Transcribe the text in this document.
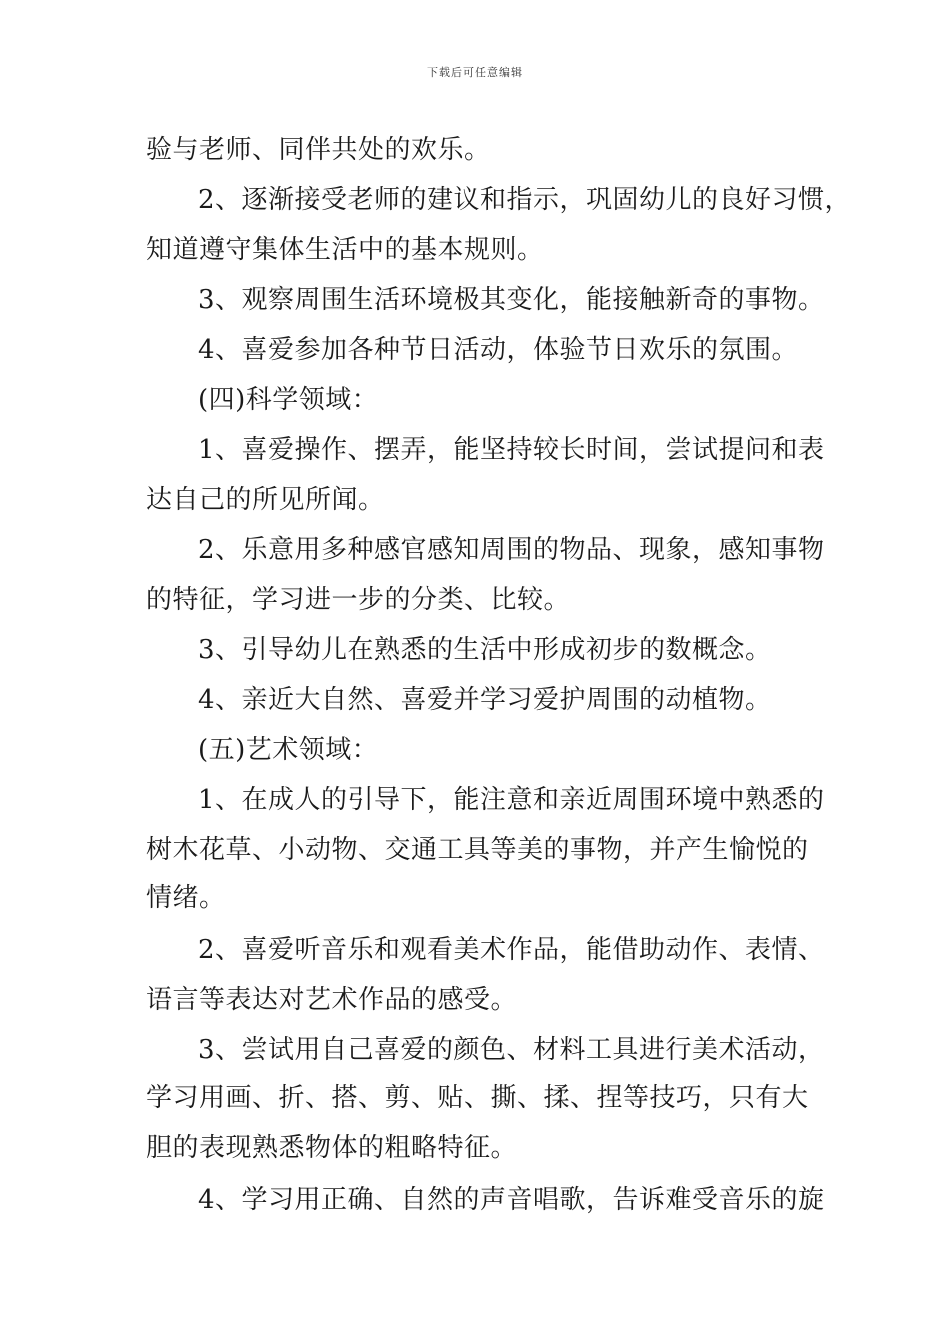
下载后可任意编辑
验与老师、同伴共处的欢乐。
2、逐渐接受老师的建议和指示，巩固幼儿的良好习惯，
知道遵守集体生活中的基本规则。
3、观察周围生活环境极其变化，能接触新奇的事物。
4、喜爱参加各种节日活动，体验节日欢乐的氛围。
(四)科学领域：
1、喜爱操作、摆弄，能坚持较长时间，尝试提问和表
达自己的所见所闻。
2、乐意用多种感官感知周围的物品、现象，感知事物
的特征，学习进一步的分类、比较。
3、引导幼儿在熟悉的生活中形成初步的数概念。
4、亲近大自然、喜爱并学习爱护周围的动植物。
(五)艺术领域：
1、在成人的引导下，能注意和亲近周围环境中熟悉的
树木花草、小动物、交通工具等美的事物，并产生愉悦的
情绪。
2、喜爱听音乐和观看美术作品，能借助动作、表情、
语言等表达对艺术作品的感受。
3、尝试用自己喜爱的颜色、材料工具进行美术活动，
学习用画、折、搭、剪、贴、撕、揉、捏等技巧，只有大
胆的表现熟悉物体的粗略特征。
4、学习用正确、自然的声音唱歌，告诉难受音乐的旋
